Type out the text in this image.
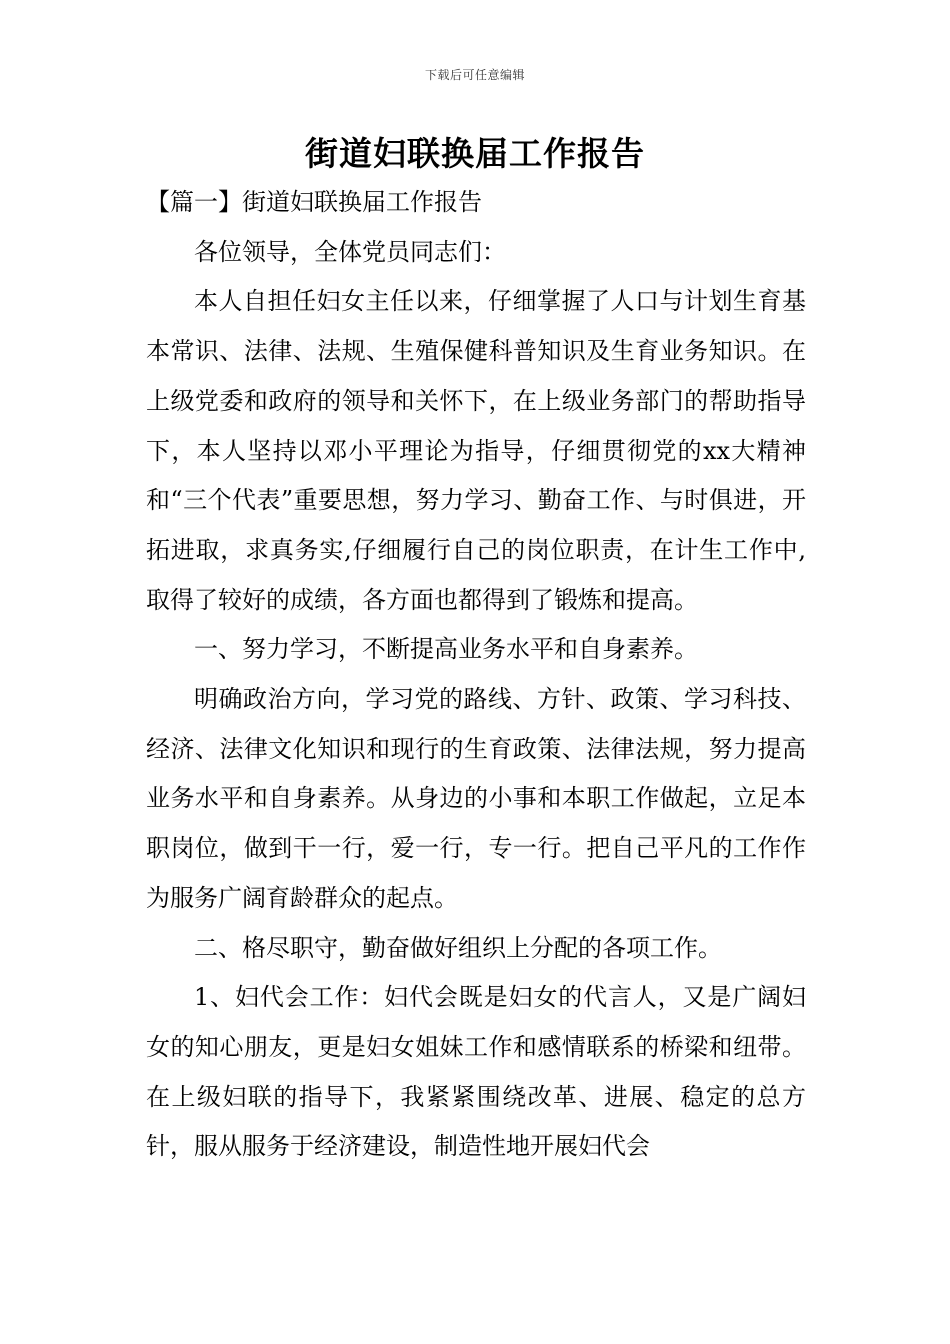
下载后可任意编辑
街道妇联换届工作报告

【篇一】街道妇联换届工作报告

各位领导，全体党员同志们：

本人自担任妇女主任以来，仔细掌握了人口与计划生育基本常识、法律、法规、生殖保健科普知识及生育业务知识。在上级党委和政府的领导和关怀下，在上级业务部门的帮助指导下，本人坚持以邓小平理论为指导，仔细贯彻党的xx大精神和“三个代表”重要思想，努力学习、勤奋工作、与时俱进，开拓进取，求真务实,仔细履行自己的岗位职责，在计生工作中,取得了较好的成绩，各方面也都得到了锻炼和提高。

一、努力学习，不断提高业务水平和自身素养。

明确政治方向，学习党的路线、方针、政策、学习科技、经济、法律文化知识和现行的生育政策、法律法规，努力提高业务水平和自身素养。从身边的小事和本职工作做起，立足本职岗位，做到干一行，爱一行，专一行。把自己平凡的工作作为服务广阔育龄群众的起点。

二、格尽职守，勤奋做好组织上分配的各项工作。

1、妇代会工作：妇代会既是妇女的代言人，又是广阔妇女的知心朋友，更是妇女姐妹工作和感情联系的桥梁和纽带。在上级妇联的指导下，我紧紧围绕改革、进展、稳定的总方针，服从服务于经济建设，制造性地开展妇代会
